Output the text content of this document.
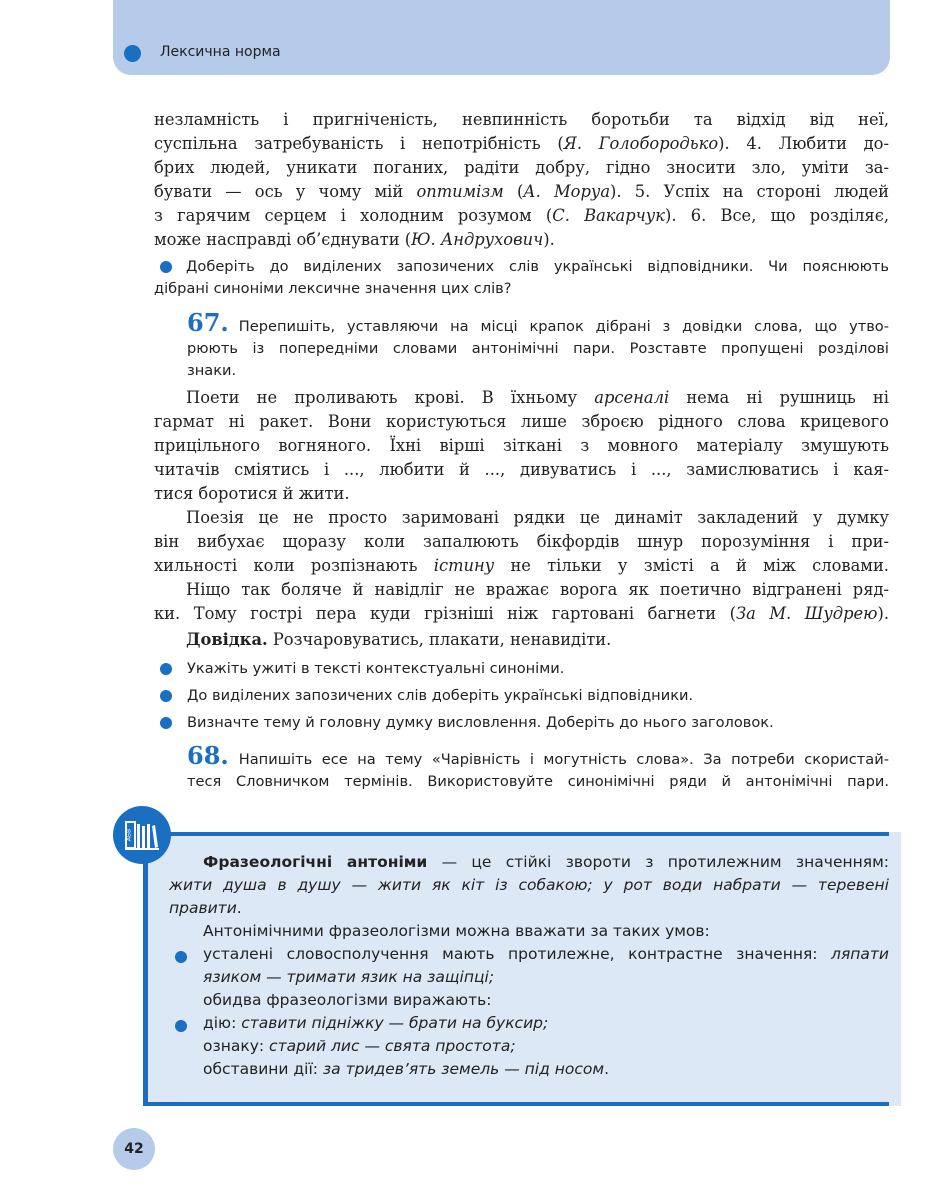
Лексична норма
незламність і пригніченість, невпинність боротьби та відхід від неї,
суспільна затребуваність і непотрібність (Я. Голобородько). 4. Любити до-
брих людей, уникати поганих, радіти добру, гідно зносити зло, уміти за-
бувати — ось у чому мій оптимізм (А. Моруа). 5. Успіх на стороні людей
з гарячим серцем і холодним розумом (С. Вакарчук). 6. Все, що розділяє,
може насправді об’єднувати (Ю. Андрухович).
Доберіть до виділених запозичених слів українські відповідники. Чи пояснюють
дібрані синоніми лексичне значення цих слів?
67. Перепишіть, уставляючи на місці крапок дібрані з довідки слова, що утво-
рюють із попередніми словами антонімічні пари. Розставте пропущені розділові
знаки.
Поети не проливають крові. В їхньому арсеналі нема ні рушниць ні
гармат ні ракет. Вони користуються лише зброєю рідного слова крицевого
прицільного вогняного. Їхні вірші зіткані з мовного матеріалу змушують
читачів сміятись і ..., любити й ..., дивуватись і ..., замислюватись і кая-
тися боротися й жити.
Поезія це не просто заримовані рядки це динаміт закладений у думку
він вибухає щоразу коли запалюють бікфордів шнур порозуміння і при-
хильності коли розпізнають істину не тільки у змісті а й між словами.
Ніщо так боляче й навідліг не вражає ворога як поетично відгранені ряд-
ки. Тому гострі пера куди грізніші ніж гартовані багнети (За М. Шудрею).
Довідка. Розчаровуватись, плакати, ненавидіти.
Укажіть ужиті в тексті контекстуальні синоніми.
До виділених запозичених слів доберіть українські відповідники.
Визначте тему й головну думку висловлення. Доберіть до нього заголовок.
68. Напишіть есе на тему «Чарівність і могутність слова». За потреби скористай-
теся Словничком термінів. Використовуйте синонімічні ряди й антонімічні пари.
АБВ
Фразеологічні антоніми — це стійкі звороти з протилежним значенням:
жити душа в душу — жити як кіт із собакою; у рот води набрати — теревені
правити.
Антонімічними фразеологізми можна вважати за таких умов:
усталені словосполучення мають протилежне, контрастне значення: ляпати
язиком — тримати язик на защіпці;
обидва фразеологізми виражають:
дію: ставити підніжку — брати на буксир;
ознаку: старий лис — свята простота;
обставини дії: за тридев’ять земель — під носом.
42
